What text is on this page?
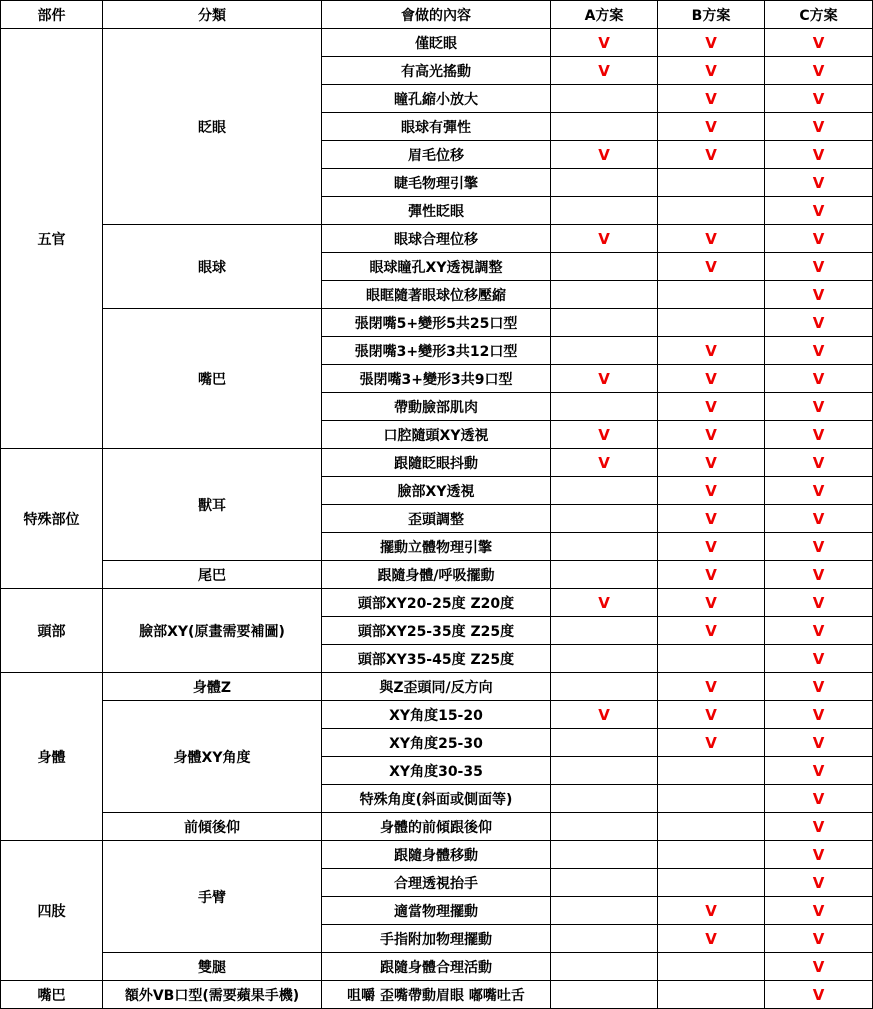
部件	分類	會做的內容	A方案	B方案	C方案
五官	眨眼	僅眨眼	V	V	V
		有高光搖動	V	V	V
		瞳孔縮小放大		V	V
		眼球有彈性		V	V
		眉毛位移	V	V	V
		睫毛物理引擎			V
		彈性眨眼			V
	眼球	眼球合理位移	V	V	V
		眼球瞳孔XY透視調整		V	V
		眼眶隨著眼球位移壓縮			V
	嘴巴	張閉嘴5+變形5共25口型			V
		張閉嘴3+變形3共12口型		V	V
		張閉嘴3+變形3共9口型	V	V	V
		帶動臉部肌肉		V	V
		口腔隨頭XY透視	V	V	V
特殊部位	獸耳	跟隨眨眼抖動	V	V	V
		臉部XY透視		V	V
		歪頭調整		V	V
		擺動立體物理引擎		V	V
	尾巴	跟隨身體/呼吸擺動		V	V
頭部	臉部XY(原畫需要補圖)	頭部XY20-25度 Z20度	V	V	V
		頭部XY25-35度 Z25度		V	V
		頭部XY35-45度 Z25度			V
身體	身體Z	與Z歪頭同/反方向		V	V
	身體XY角度	XY角度15-20	V	V	V
		XY角度25-30		V	V
		XY角度30-35			V
		特殊角度(斜面或側面等)			V
	前傾後仰	身體的前傾跟後仰			V
四肢	手臂	跟隨身體移動			V
		合理透視抬手			V
		適當物理擺動		V	V
		手指附加物理擺動		V	V
	雙腿	跟隨身體合理活動			V
嘴巴	額外VB口型(需要蘋果手機)	咀嚼 歪嘴帶動眉眼 嘟嘴吐舌			V
